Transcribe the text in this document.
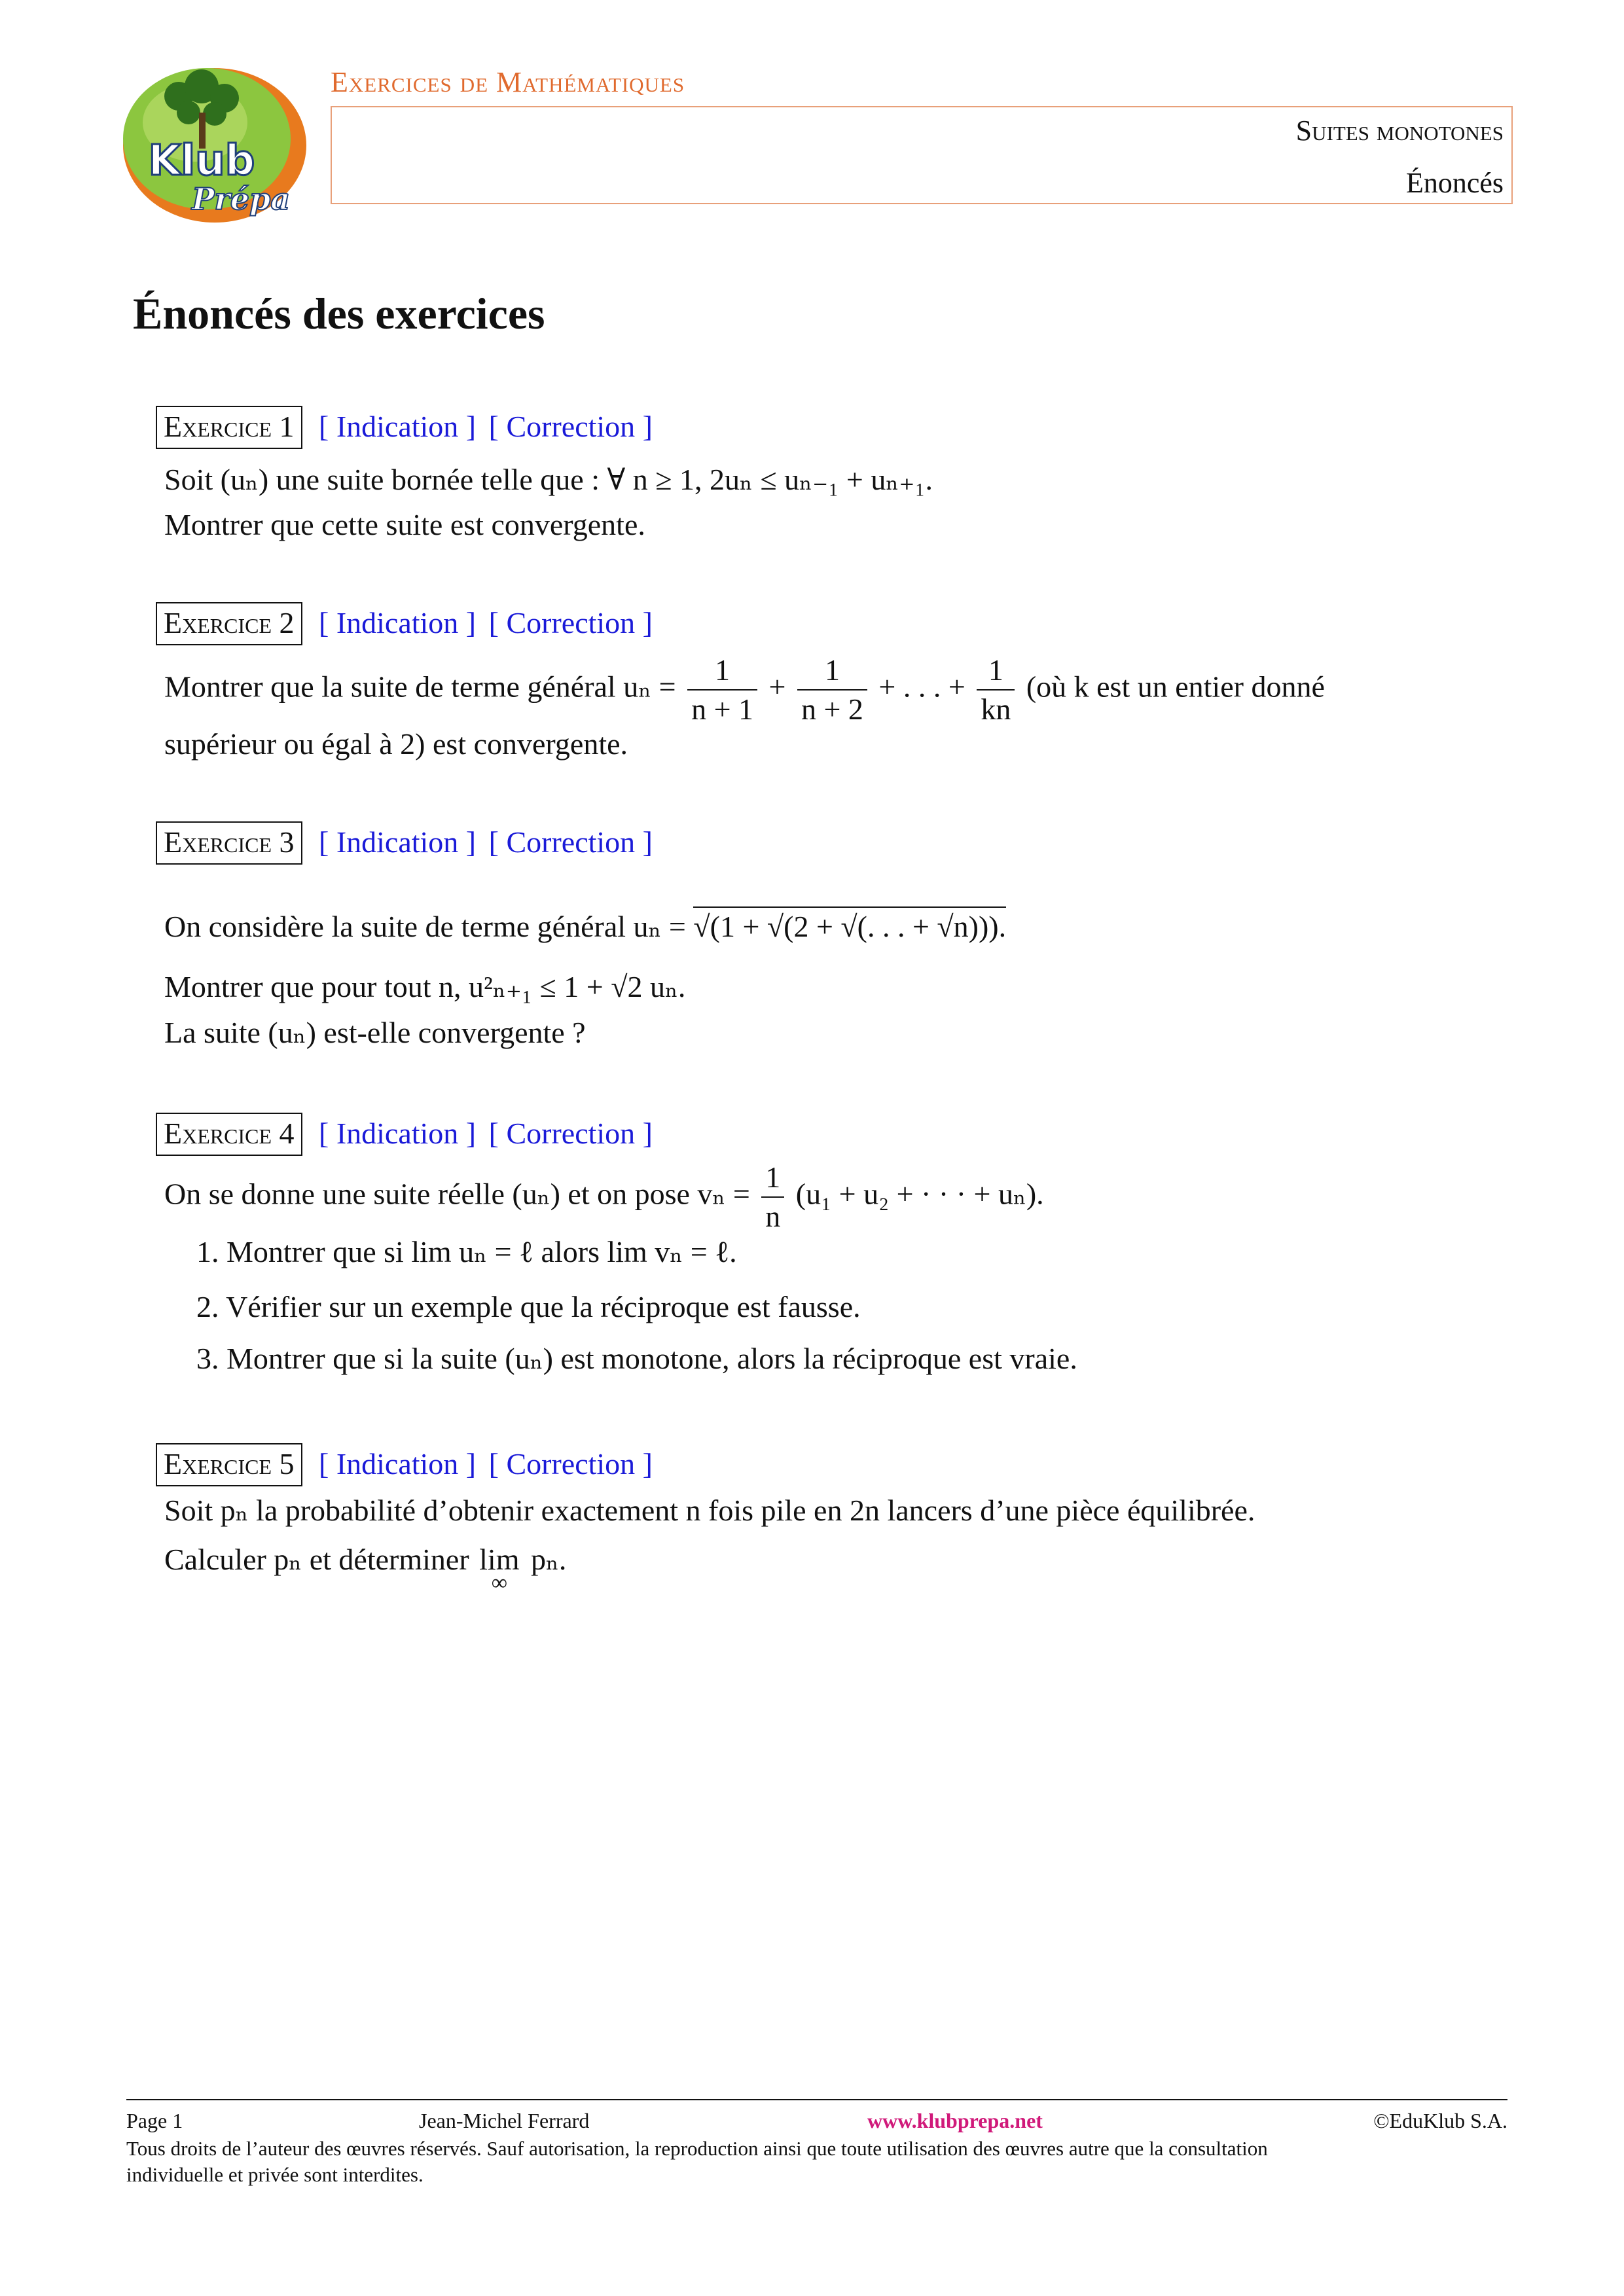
Klub
Prépa
Exercices de Mathématiques
Suites monotones
Énoncés
Énoncés des exercices
Exercice 1 [ Indication ] [ Correction ]
Soit (uₙ) une suite bornée telle que : ∀ n ≥ 1, 2uₙ ≤ uₙ₋₁ + uₙ₊₁.
Montrer que cette suite est convergente.
Exercice 2 [ Indication ] [ Correction ]
Montrer que la suite de terme général $u_n = \frac{1}{n + 1} + \frac{1}{n + 2}$ + . . . + $\frac{1}{kn}$ (où k est un entier donné
supérieur ou égal à 2) est convergente.
Exercice 3 [ Indication ] [ Correction ]
On considère la suite de terme général uₙ = √(1 + √(2 + √(. . . + √n))).
Montrer que pour tout n, u²ₙ₊₁ ≤ 1 + √2 uₙ.
La suite (uₙ) est-elle convergente ?
Exercice 4 [ Indication ] [ Correction ]
On se donne une suite réelle (uₙ) et on pose $v_n = \frac{1}{n} (u_1 + u_2$ + · · · + uₙ).
1. Montrer que si lim uₙ = ℓ alors lim vₙ = ℓ.
2. Vérifier sur un exemple que la réciproque est fausse.
3. Montrer que si la suite (uₙ) est monotone, alors la réciproque est vraie.
Exercice 5 [ Indication ] [ Correction ]
Soit pₙ la probabilité d’obtenir exactement n fois pile en 2n lancers d’une pièce équilibrée.
Calculer pₙ et déterminer lim
∞
pₙ.
Page 1	Jean-Michel Ferrard	www.klubprepa.net	©EduKlub S.A.
Tous droits de l’auteur des œuvres réservés. Sauf autorisation, la reproduction ainsi que toute utilisation des œuvres autre que la consultation
individuelle et privée sont interdites.
